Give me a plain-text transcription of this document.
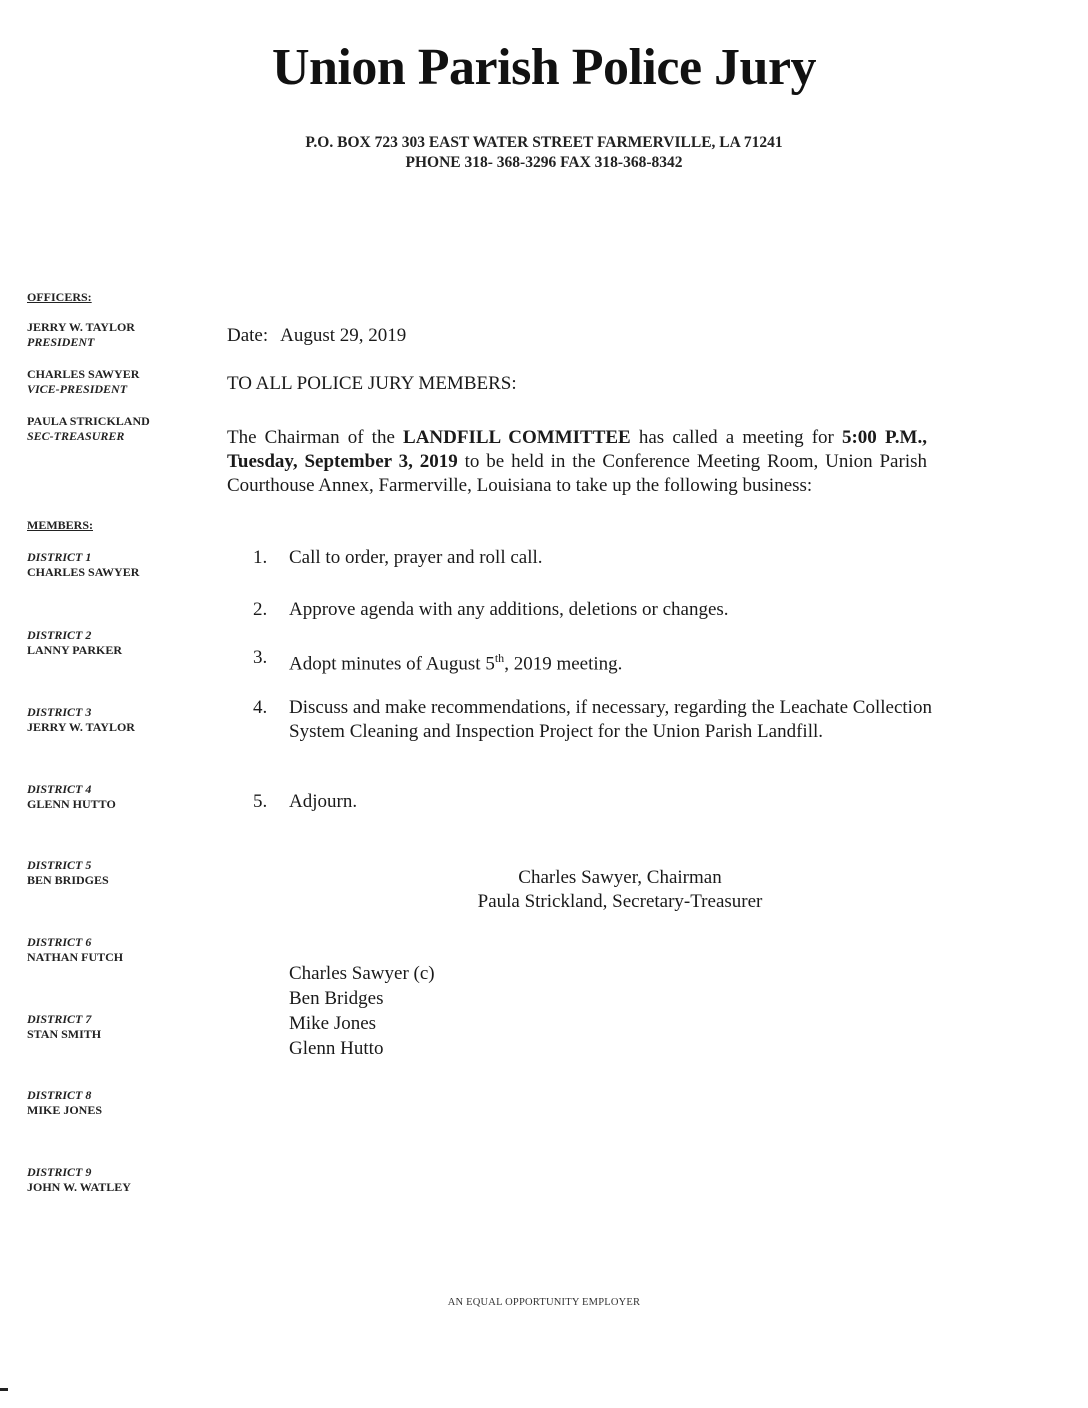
Union Parish Police Jury
P.O. BOX 723 303 EAST WATER STREET FARMERVILLE, LA 71241
PHONE 318- 368-3296 FAX 318-368-8342
OFFICERS:
JERRY W. TAYLOR
PRESIDENT
CHARLES SAWYER
VICE-PRESIDENT
PAULA STRICKLAND
SEC-TREASURER
MEMBERS:
DISTRICT 1
CHARLES SAWYER
DISTRICT 2
LANNY PARKER
DISTRICT 3
JERRY W. TAYLOR
DISTRICT 4
GLENN HUTTO
DISTRICT 5
BEN BRIDGES
DISTRICT 6
NATHAN FUTCH
DISTRICT 7
STAN SMITH
DISTRICT 8
MIKE JONES
DISTRICT 9
JOHN W. WATLEY
Date: August 29, 2019
TO ALL POLICE JURY MEMBERS:
The Chairman of the LANDFILL COMMITTEE has called a meeting for 5:00 P.M., Tuesday, September 3, 2019 to be held in the Conference Meeting Room, Union Parish Courthouse Annex, Farmerville, Louisiana to take up the following business:
1.	Call to order, prayer and roll call.
2.	Approve agenda with any additions, deletions or changes.
3.	Adopt minutes of August 5th, 2019 meeting.
4.	Discuss and make recommendations, if necessary, regarding the Leachate Collection System Cleaning and Inspection Project for the Union Parish Landfill.
5.	Adjourn.
Charles Sawyer, Chairman
Paula Strickland, Secretary-Treasurer
Charles Sawyer (c)
Ben Bridges
Mike Jones
Glenn Hutto
AN EQUAL OPPORTUNITY EMPLOYER
